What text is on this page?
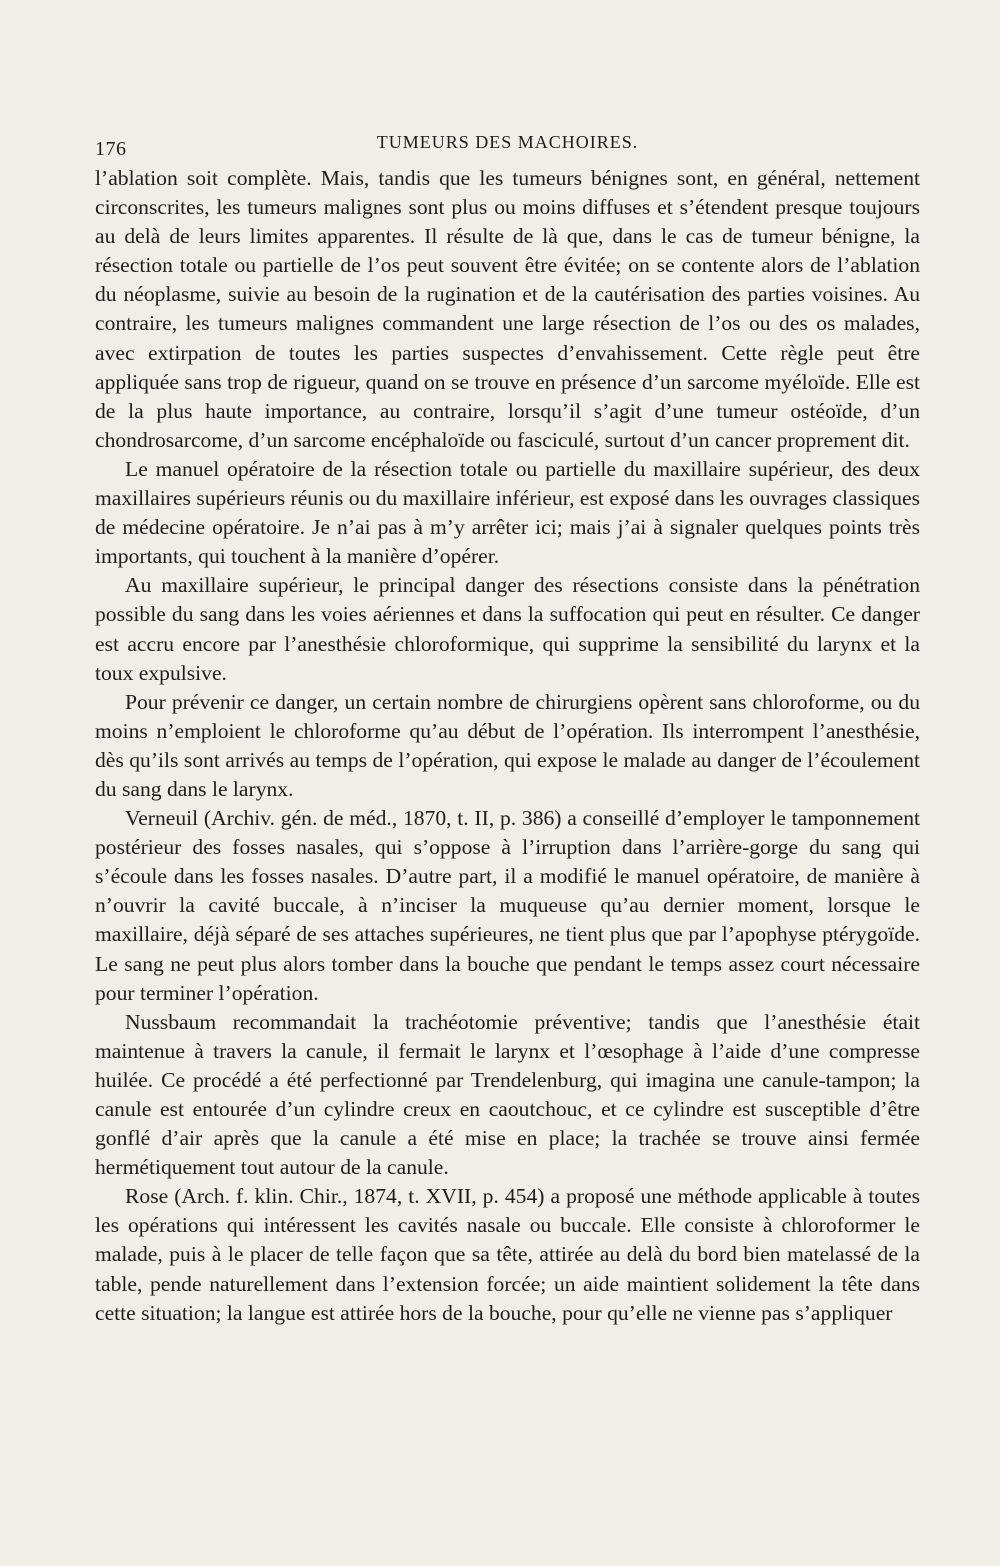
176	TUMEURS DES MACHOIRES.

l’ablation soit complète. Mais, tandis que les tumeurs bénignes sont, en général, nettement circonscrites, les tumeurs malignes sont plus ou moins diffuses et s’étendent presque toujours au delà de leurs limites apparentes. Il résulte de là que, dans le cas de tumeur bénigne, la résection totale ou partielle de l’os peut souvent être évitée; on se contente alors de l’ablation du néoplasme, suivie au besoin de la rugination et de la cautérisation des parties voisines. Au contraire, les tumeurs malignes commandent une large résection de l’os ou des os malades, avec extirpation de toutes les parties suspectes d’envahissement. Cette règle peut être appliquée sans trop de rigueur, quand on se trouve en présence d’un sarcome myéloïde. Elle est de la plus haute importance, au contraire, lorsqu’il s’agit d’une tumeur ostéoïde, d’un chondrosarcome, d’un sarcome encéphaloïde ou fasciculé, surtout d’un cancer proprement dit.

Le manuel opératoire de la résection totale ou partielle du maxillaire supérieur, des deux maxillaires supérieurs réunis ou du maxillaire inférieur, est exposé dans les ouvrages classiques de médecine opératoire. Je n’ai pas à m’y arrêter ici; mais j’ai à signaler quelques points très importants, qui touchent à la manière d’opérer.

Au maxillaire supérieur, le principal danger des résections consiste dans la pénétration possible du sang dans les voies aériennes et dans la suffocation qui peut en résulter. Ce danger est accru encore par l’anesthésie chloroformique, qui supprime la sensibilité du larynx et la toux expulsive.

Pour prévenir ce danger, un certain nombre de chirurgiens opèrent sans chloroforme, ou du moins n’emploient le chloroforme qu’au début de l’opération. Ils interrompent l’anesthésie, dès qu’ils sont arrivés au temps de l’opération, qui expose le malade au danger de l’écoulement du sang dans le larynx.

Verneuil (Archiv. gén. de méd., 1870, t. II, p. 386) a conseillé d’employer le tamponnement postérieur des fosses nasales, qui s’oppose à l’irruption dans l’arrière-gorge du sang qui s’écoule dans les fosses nasales. D’autre part, il a modifié le manuel opératoire, de manière à n’ouvrir la cavité buccale, à n’inciser la muqueuse qu’au dernier moment, lorsque le maxillaire, déjà séparé de ses attaches supérieures, ne tient plus que par l’apophyse ptérygoïde. Le sang ne peut plus alors tomber dans la bouche que pendant le temps assez court nécessaire pour terminer l’opération.

Nussbaum recommandait la trachéotomie préventive; tandis que l’anesthésie était maintenue à travers la canule, il fermait le larynx et l’œsophage à l’aide d’une compresse huilée. Ce procédé a été perfectionné par Trendelenburg, qui imagina une canule-tampon; la canule est entourée d’un cylindre creux en caoutchouc, et ce cylindre est susceptible d’être gonflé d’air après que la canule a été mise en place; la trachée se trouve ainsi fermée hermétiquement tout autour de la canule.

Rose (Arch. f. klin. Chir., 1874, t. XVII, p. 454) a proposé une méthode applicable à toutes les opérations qui intéressent les cavités nasale ou buccale. Elle consiste à chloroformer le malade, puis à le placer de telle façon que sa tête, attirée au delà du bord bien matelassé de la table, pende naturellement dans l’extension forcée; un aide maintient solidement la tête dans cette situation; la langue est attirée hors de la bouche, pour qu’elle ne vienne pas s’appliquer
